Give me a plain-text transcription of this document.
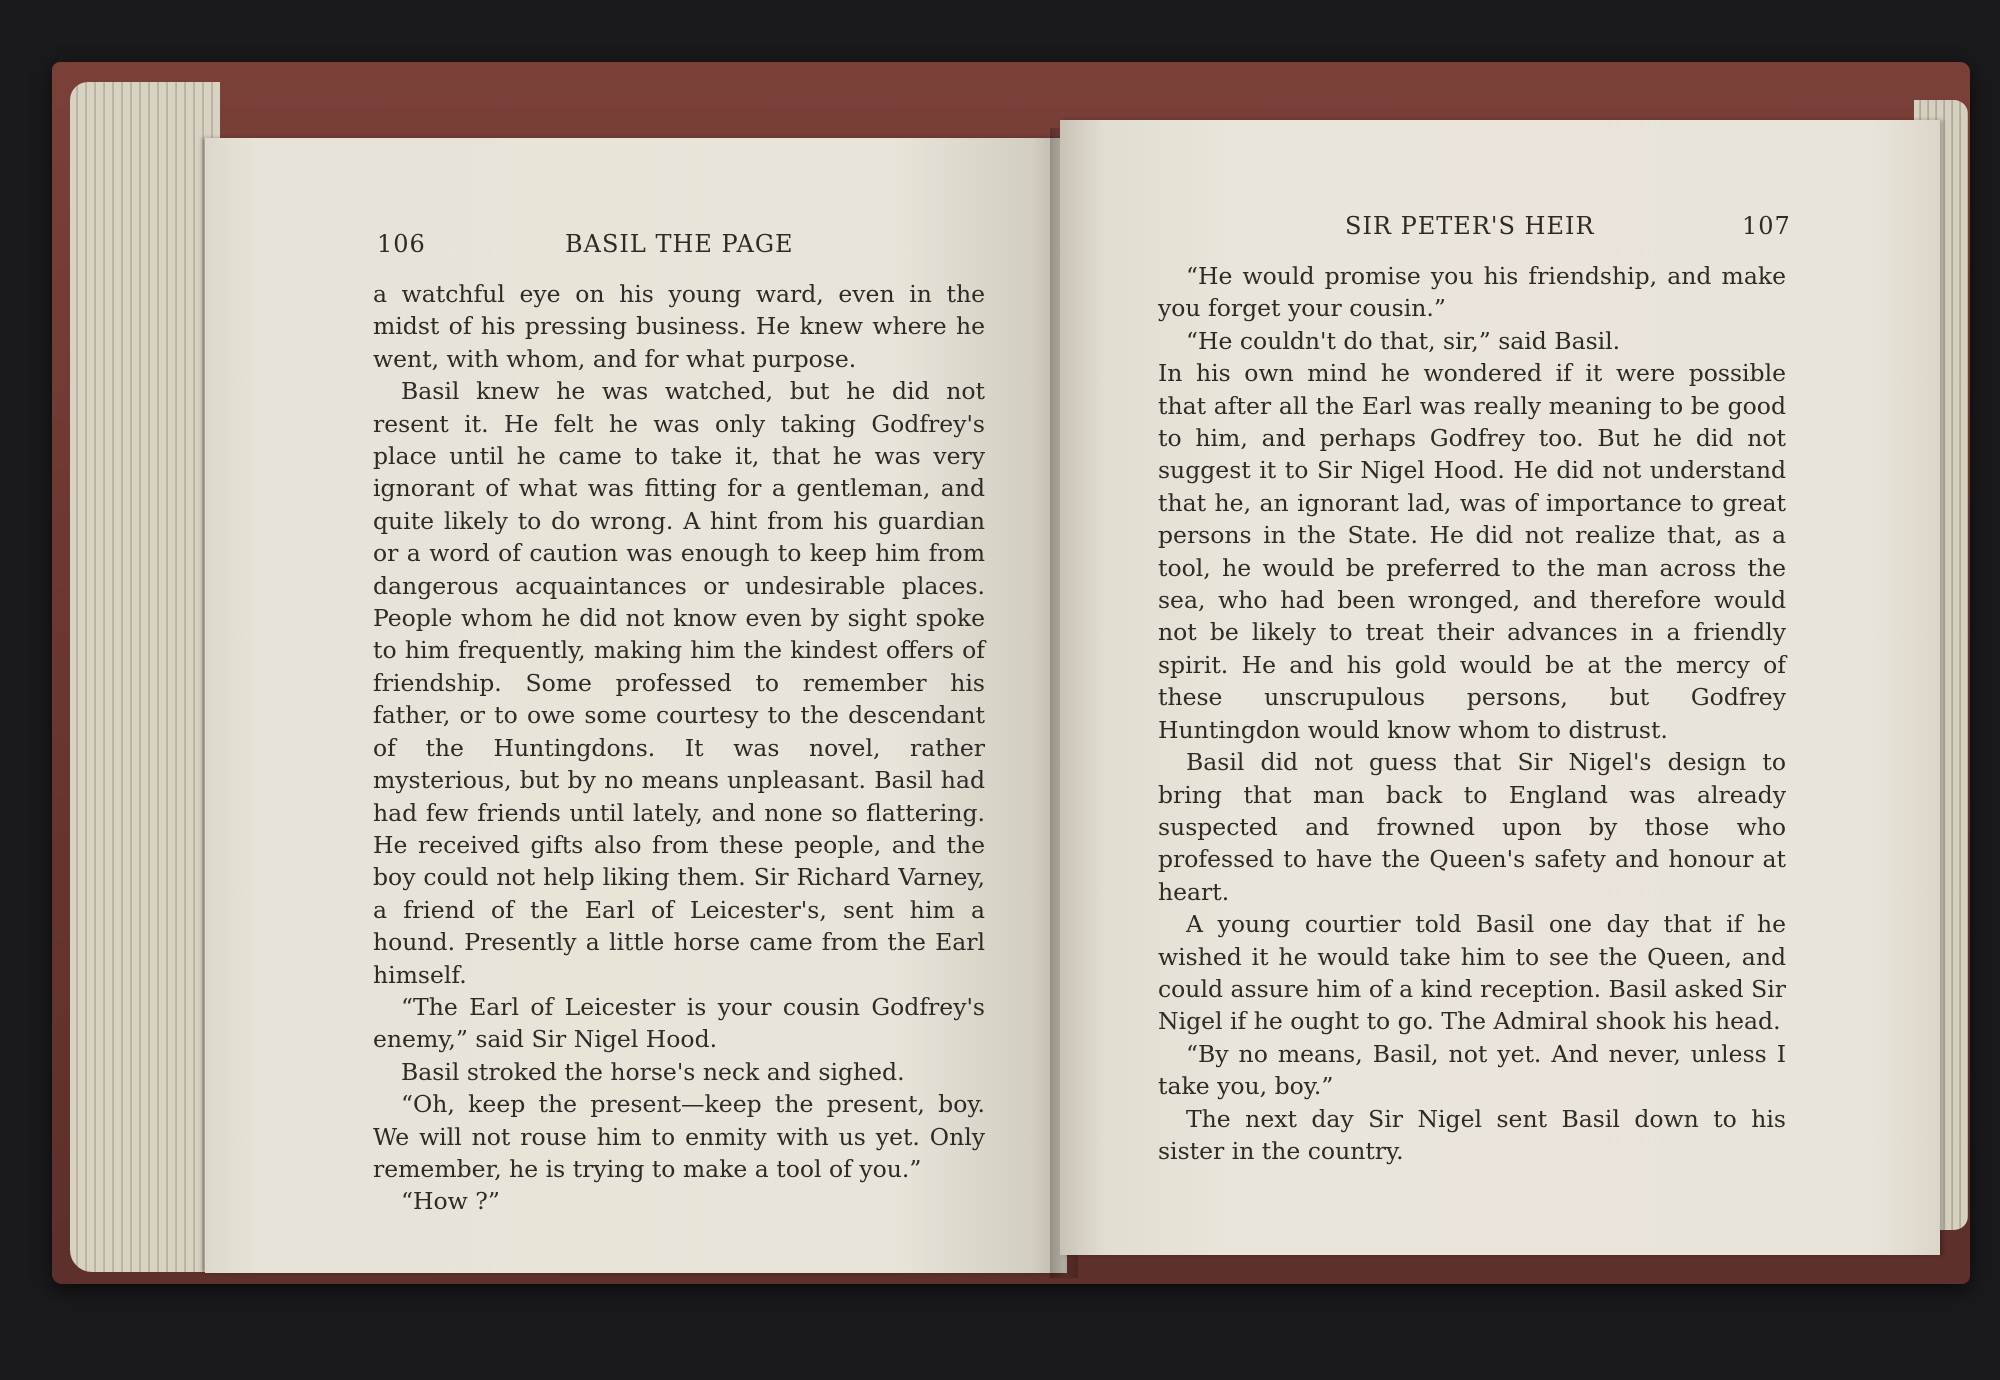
106	BASIL THE PAGE

a watchful eye on his young ward, even in the midst of his pressing business. He knew where he went, with whom, and for what purpose.

Basil knew he was watched, but he did not resent it. He felt he was only taking Godfrey's place until he came to take it, that he was very ignorant of what was fitting for a gentleman, and quite likely to do wrong. A hint from his guardian or a word of caution was enough to keep him from dangerous acquaintances or undesirable places. People whom he did not know even by sight spoke to him frequently, making him the kindest offers of friendship. Some professed to remember his father, or to owe some courtesy to the descendant of the Huntingdons. It was novel, rather mysterious, but by no means unpleasant. Basil had had few friends until lately, and none so flattering. He received gifts also from these people, and the boy could not help liking them. Sir Richard Varney, a friend of the Earl of Leicester's, sent him a hound. Presently a little horse came from the Earl himself.

“The Earl of Leicester is your cousin Godfrey's enemy,” said Sir Nigel Hood.

Basil stroked the horse's neck and sighed.

“Oh, keep the present—keep the present, boy. We will not rouse him to enmity with us yet. Only remember, he is trying to make a tool of you.”

“How ?”

SIR PETER'S HEIR	107

“He would promise you his friendship, and make you forget your cousin.”

“He couldn't do that, sir,” said Basil.

In his own mind he wondered if it were possible that after all the Earl was really meaning to be good to him, and perhaps Godfrey too. But he did not suggest it to Sir Nigel Hood. He did not understand that he, an ignorant lad, was of importance to great persons in the State. He did not realize that, as a tool, he would be preferred to the man across the sea, who had been wronged, and therefore would not be likely to treat their advances in a friendly spirit. He and his gold would be at the mercy of these unscrupulous persons, but Godfrey Huntingdon would know whom to distrust.

Basil did not guess that Sir Nigel's design to bring that man back to England was already suspected and frowned upon by those who professed to have the Queen's safety and honour at heart.

A young courtier told Basil one day that if he wished it he would take him to see the Queen, and could assure him of a kind reception. Basil asked Sir Nigel if he ought to go. The Admiral shook his head.

“By no means, Basil, not yet. And never, unless I take you, boy.”

The next day Sir Nigel sent Basil down to his sister in the country.
